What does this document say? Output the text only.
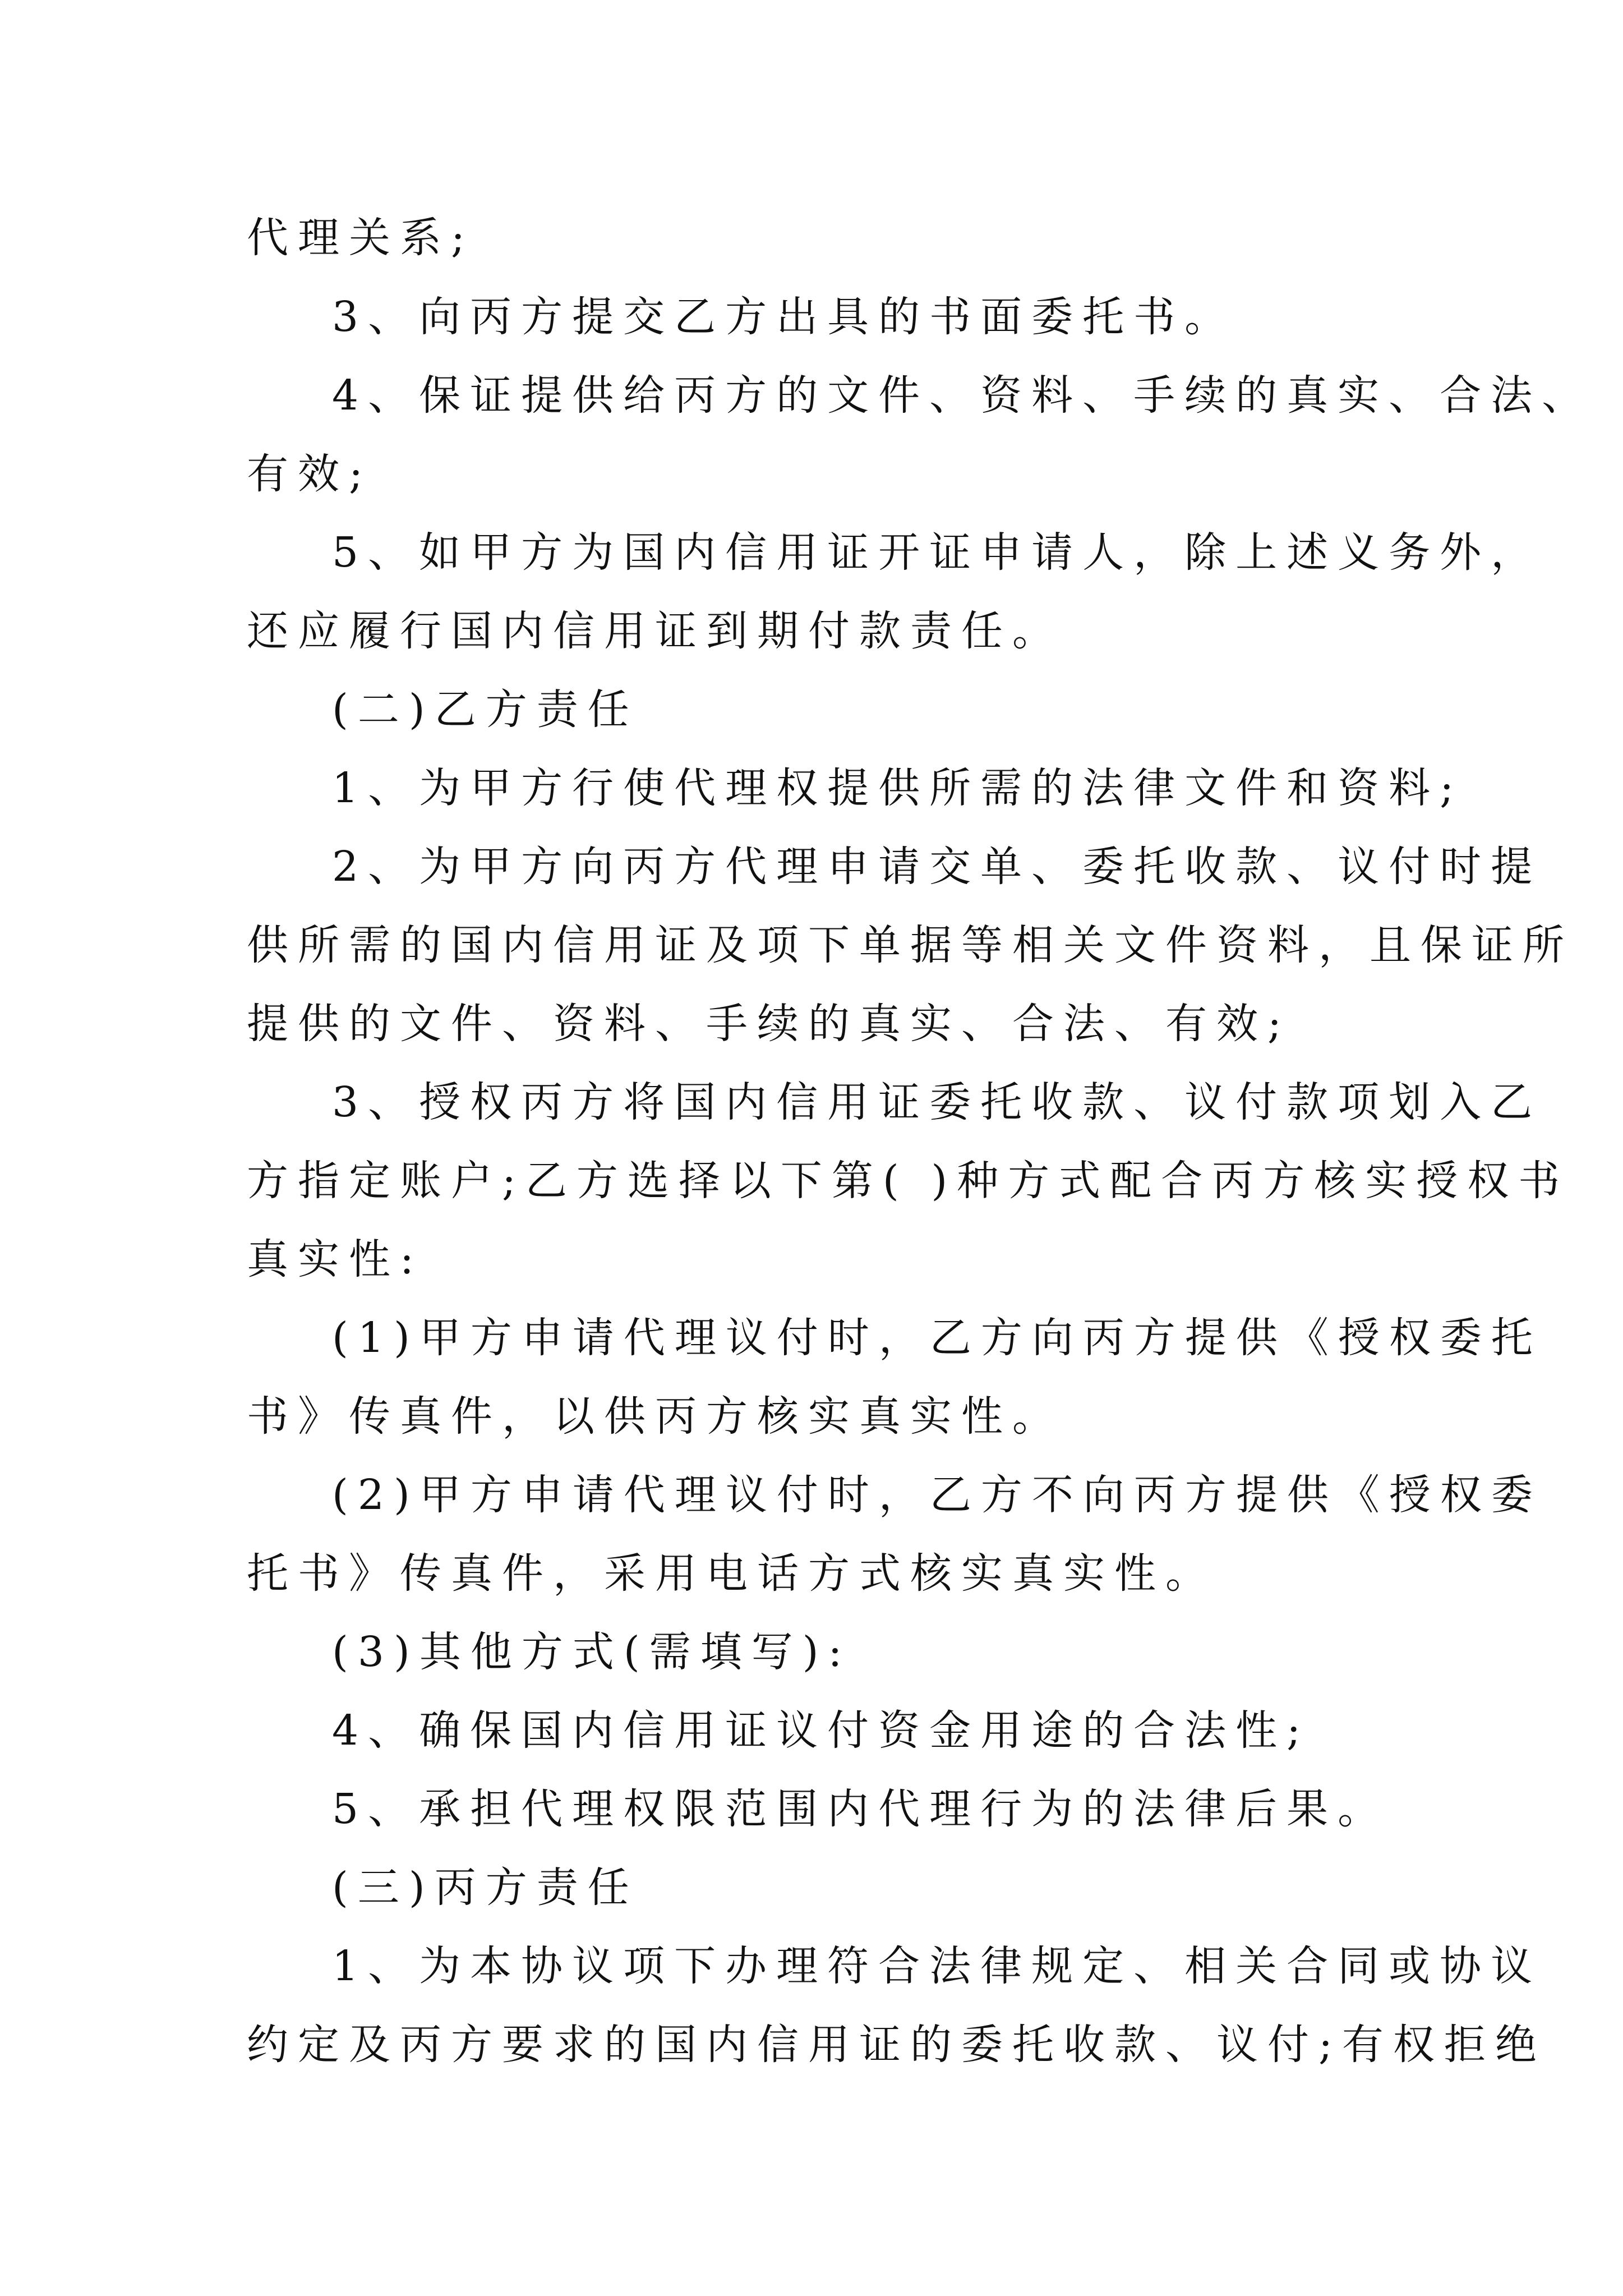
代理关系;
3、向丙方提交乙方出具的书面委托书。
4、保证提供给丙方的文件、资料、手续的真实、合法、
有效;
5、如甲方为国内信用证开证申请人，除上述义务外，
还应履行国内信用证到期付款责任。
(二)乙方责任
1、为甲方行使代理权提供所需的法律文件和资料;
2、为甲方向丙方代理申请交单、委托收款、议付时提
供所需的国内信用证及项下单据等相关文件资料，且保证所
提供的文件、资料、手续的真实、合法、有效;
3、授权丙方将国内信用证委托收款、议付款项划入乙
方指定账户;乙方选择以下第( )种方式配合丙方核实授权书
真实性:
(1)甲方申请代理议付时，乙方向丙方提供《授权委托
书》传真件，以供丙方核实真实性。
(2)甲方申请代理议付时，乙方不向丙方提供《授权委
托书》传真件，采用电话方式核实真实性。
(3)其他方式(需填写):
4、确保国内信用证议付资金用途的合法性;
5、承担代理权限范围内代理行为的法律后果。
(三)丙方责任
1、为本协议项下办理符合法律规定、相关合同或协议
约定及丙方要求的国内信用证的委托收款、议付;有权拒绝
